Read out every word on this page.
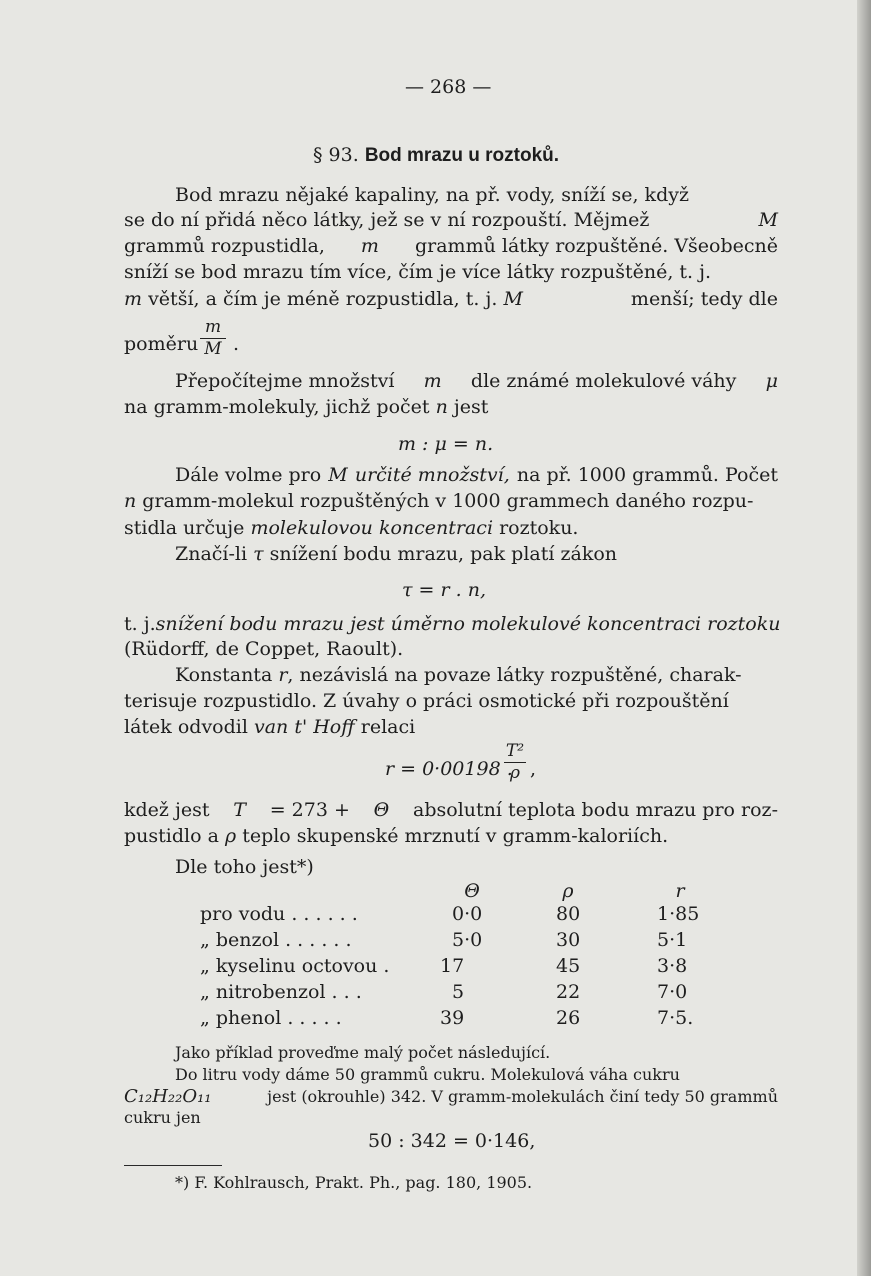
— 268 —
§ 93. Bod mrazu u roztoků.
Bod mrazu nějaké kapaliny, na př. vody, sníží se, když
se do ní přidá něco látky, jež se v ní rozpouští. Mějmež	M
grammů rozpustidla, m grammů látky rozpuštěné. Všeobecně
sníží se bod mrazu tím více, čím je více látky rozpuštěné, t. j.
m větší, a čím je méně rozpustidla, t. j. M	menší; tedy dle
poměru $\frac{m}{M}$ .
Přepočítejme množství m dle známé molekulové váhy μ
na gramm-molekuly, jichž počet n jest
m : μ = n.
Dále volme pro M určité množství, na př. 1000 grammů. Počet
n gramm-molekul rozpuštěných v 1000 grammech daného rozpu-
stidla určuje molekulovou koncentraci roztoku.
Značí-li τ snížení bodu mrazu, pak platí zákon
τ = r . n,
t. j. snížení bodu mrazu jest úměrno molekulové koncentraci roztoku
(Rüdorff, de Coppet, Raoult).
Konstanta r, nezávislá na povaze látky rozpuštěné, charak-
terisuje rozpustidlo. Z úvahy o práci osmotické při rozpouštění
látek odvodil van t' Hoff relaci
r = 0·00198 .
$\frac{\text{T²}}{\rho}$ ,
kdež jest T = 273 + Θ absolutní teplota bodu mrazu pro roz-
pustidlo a ρ teplo skupenské mrznutí v gramm-kaloriích.
Dle toho jest*)
Θ	ρ	r
pro vodu . . . . . .	0·0	80	1·85
„ benzol . . . . . .	5·0	30	5·1
„ kyselinu octovou .	17	45	3·8
„ nitrobenzol . . .	5	22	7·0
„ phenol . . . . .	39	26	7·5.
Jako příklad proveďme malý počet následující.
Do litru vody dáme 50 grammů cukru. Molekulová váha cukru
C₁₂H₂₂O₁₁	jest (okrouhle) 342. V gramm-molekulách činí tedy 50 grammů
cukru jen
50 : 342 = 0·146,
*) F. Kohlrausch, Prakt. Ph., pag. 180, 1905.
